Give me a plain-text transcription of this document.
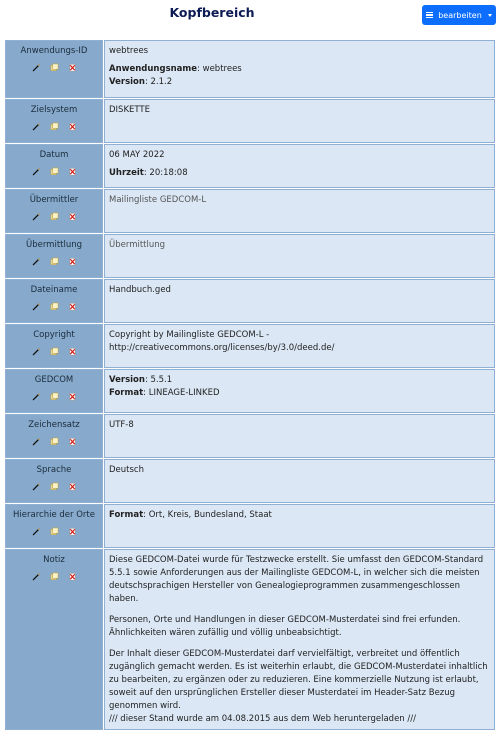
Kopfbereich	bearbeiten
Anwendungs-ID	webtrees
Anwendungsname: webtrees
Version: 2.1.2

Zielsystem	DISKETTE

Datum	06 MAY 2022
Uhrzeit: 20:18:08

Übermittler	Mailingliste GEDCOM-L

Übermittlung	Übermittlung

Dateiname	Handbuch.ged

Copyright	Copyright by Mailingliste GEDCOM-L - http://creativecommons.org/licenses/by/3.0/deed.de/

GEDCOM	Version: 5.5.1
Format: LINEAGE-LINKED

Zeichensatz	UTF-8

Sprache	Deutsch

Hierarchie der Orte	Format: Ort, Kreis, Bundesland, Staat

Notiz	Diese GEDCOM-Datei wurde für Testzwecke erstellt. Sie umfasst den GEDCOM-Standard 5.5.1 sowie Anforderungen aus der Mailingliste GEDCOM-L, in welcher sich die meisten deutschsprachigen Hersteller von Genealogieprogrammen zusammengeschlossen haben.

Personen, Orte und Handlungen in dieser GEDCOM-Musterdatei sind frei erfunden. Ähnlichkeiten wären zufällig und völlig unbeabsichtigt.

Der Inhalt dieser GEDCOM-Musterdatei darf vervielfältigt, verbreitet und öffentlich zugänglich gemacht werden. Es ist weiterhin erlaubt, die GEDCOM-Musterdatei inhaltlich zu bearbeiten, zu ergänzen oder zu reduzieren. Eine kommerzielle Nutzung ist erlaubt, soweit auf den ursprünglichen Ersteller dieser Musterdatei im Header-Satz Bezug genommen wird.
/// dieser Stand wurde am 04.08.2015 aus dem Web heruntergeladen ///
